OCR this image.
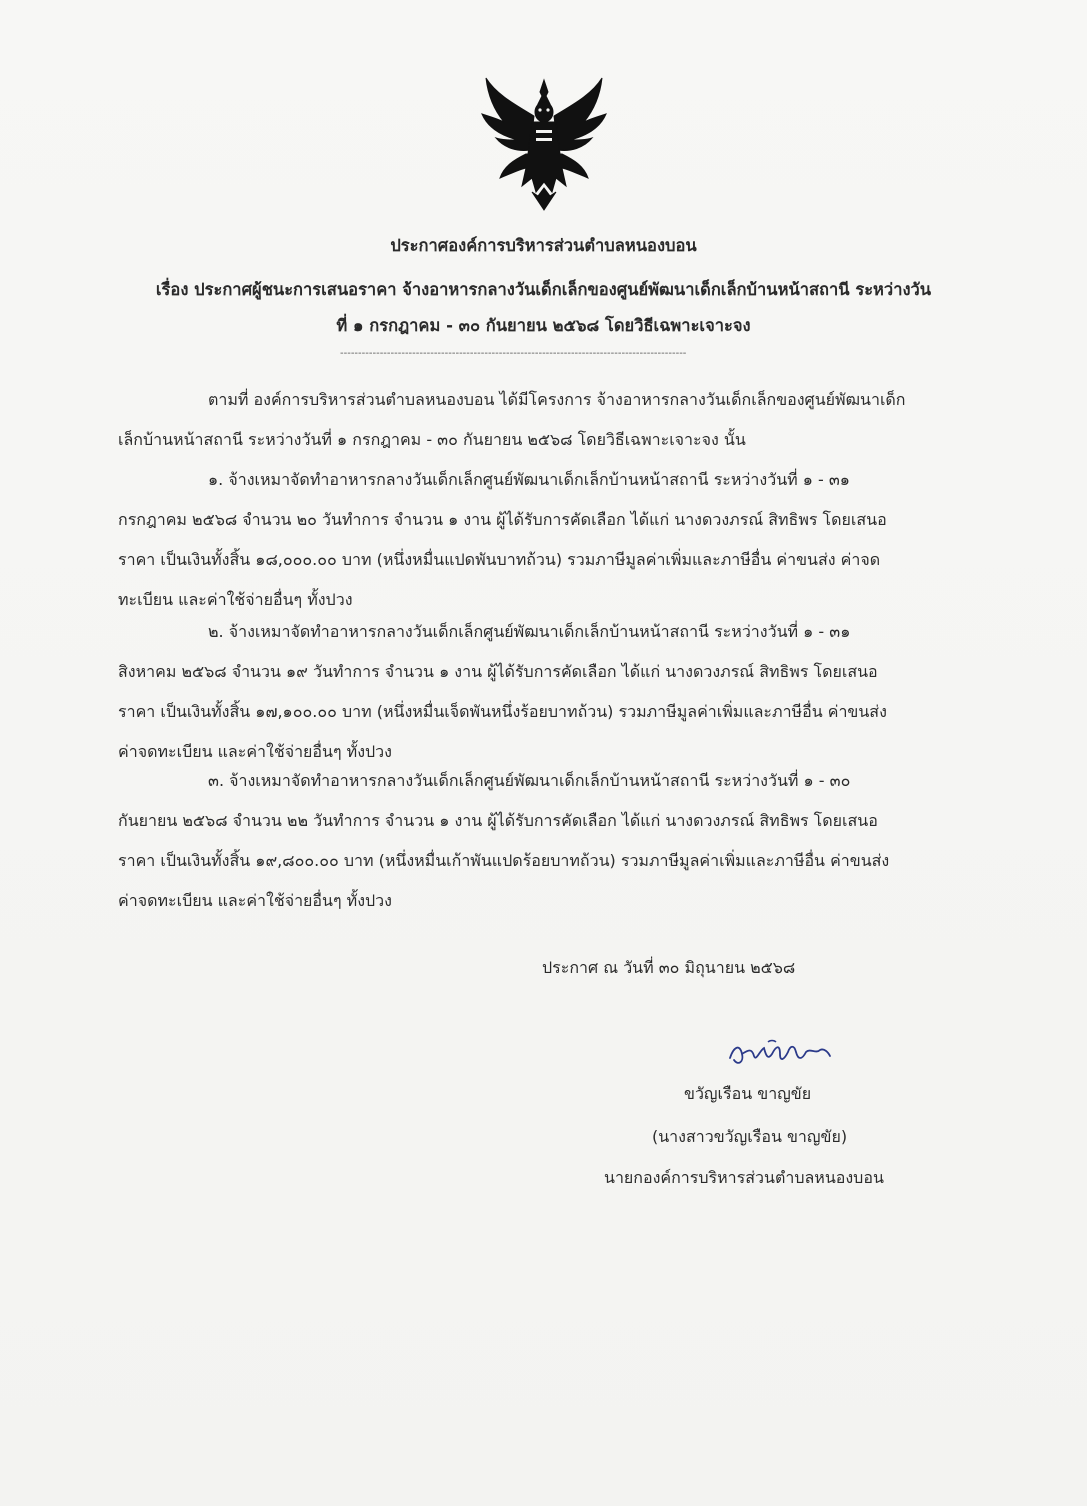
ประกาศองค์การบริหารส่วนตำบลหนองบอน
เรื่อง ประกาศผู้ชนะการเสนอราคา จ้างอาหารกลางวันเด็กเล็กของศูนย์พัฒนาเด็กเล็กบ้านหน้าสถานี ระหว่างวัน
ที่ ๑ กรกฎาคม - ๓๐ กันยายน ๒๕๖๘ โดยวิธีเฉพาะเจาะจง
------------------------------------------------------------------------------------------------
ตามที่ องค์การบริหารส่วนตำบลหนองบอน ได้มีโครงการ จ้างอาหารกลางวันเด็กเล็กของศูนย์พัฒนาเด็ก
เล็กบ้านหน้าสถานี ระหว่างวันที่ ๑ กรกฎาคม - ๓๐ กันยายน ๒๕๖๘ โดยวิธีเฉพาะเจาะจง นั้น
๑. จ้างเหมาจัดทำอาหารกลางวันเด็กเล็กศูนย์พัฒนาเด็กเล็กบ้านหน้าสถานี ระหว่างวันที่ ๑ - ๓๑
กรกฎาคม ๒๕๖๘ จำนวน ๒๐ วันทำการ จำนวน ๑ งาน ผู้ได้รับการคัดเลือก ได้แก่ นางดวงภรณ์ สิทธิพร โดยเสนอ
ราคา เป็นเงินทั้งสิ้น ๑๘,๐๐๐.๐๐ บาท (หนึ่งหมื่นแปดพันบาทถ้วน) รวมภาษีมูลค่าเพิ่มและภาษีอื่น ค่าขนส่ง ค่าจด
ทะเบียน และค่าใช้จ่ายอื่นๆ ทั้งปวง
๒. จ้างเหมาจัดทำอาหารกลางวันเด็กเล็กศูนย์พัฒนาเด็กเล็กบ้านหน้าสถานี ระหว่างวันที่ ๑ - ๓๑
สิงหาคม ๒๕๖๘ จำนวน ๑๙ วันทำการ จำนวน ๑ งาน ผู้ได้รับการคัดเลือก ได้แก่ นางดวงภรณ์ สิทธิพร โดยเสนอ
ราคา เป็นเงินทั้งสิ้น ๑๗,๑๐๐.๐๐ บาท (หนึ่งหมื่นเจ็ดพันหนึ่งร้อยบาทถ้วน) รวมภาษีมูลค่าเพิ่มและภาษีอื่น ค่าขนส่ง
ค่าจดทะเบียน และค่าใช้จ่ายอื่นๆ ทั้งปวง
๓. จ้างเหมาจัดทำอาหารกลางวันเด็กเล็กศูนย์พัฒนาเด็กเล็กบ้านหน้าสถานี ระหว่างวันที่ ๑ - ๓๐
กันยายน ๒๕๖๘ จำนวน ๒๒ วันทำการ จำนวน ๑ งาน ผู้ได้รับการคัดเลือก ได้แก่ นางดวงภรณ์ สิทธิพร โดยเสนอ
ราคา เป็นเงินทั้งสิ้น ๑๙,๘๐๐.๐๐ บาท (หนึ่งหมื่นเก้าพันแปดร้อยบาทถ้วน) รวมภาษีมูลค่าเพิ่มและภาษีอื่น ค่าขนส่ง
ค่าจดทะเบียน และค่าใช้จ่ายอื่นๆ ทั้งปวง
ประกาศ ณ วันที่ ๓๐ มิถุนายน ๒๕๖๘
ขวัญเรือน ขาญขัย
(นางสาวขวัญเรือน ขาญขัย)
นายกองค์การบริหารส่วนตำบลหนองบอน
